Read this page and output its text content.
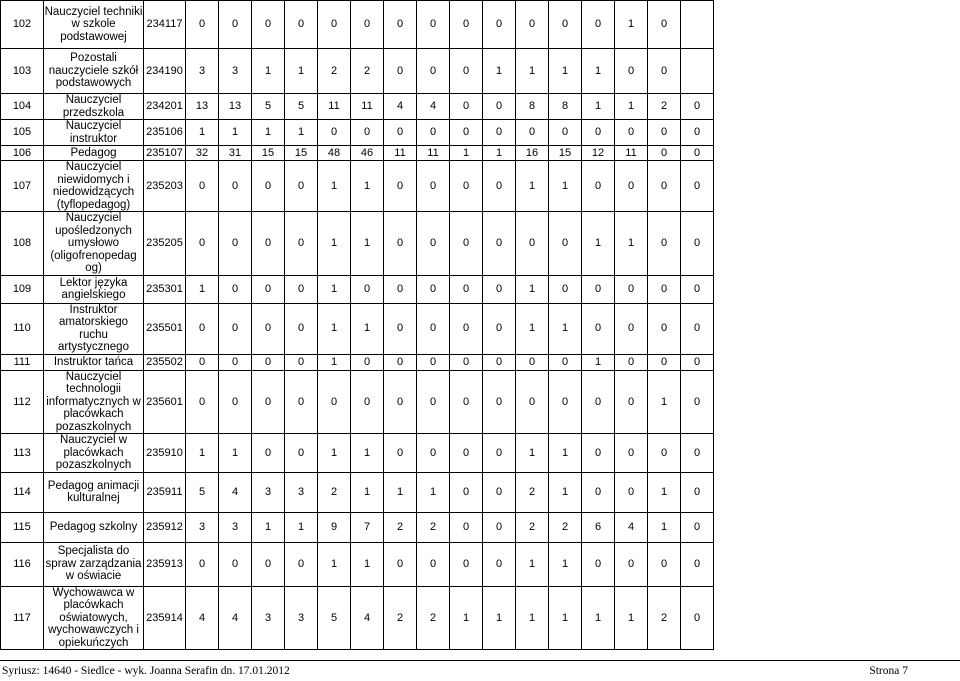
102	Nauczyciel techniki w szkole podstawowej	234117	0	0	0	0	0	0	0	0	0	0	0	0	0	1	0	
103	Pozostali nauczyciele szkół podstawowych	234190	3	3	1	1	2	2	0	0	0	1	1	1	1	0	0	
104	Nauczyciel przedszkola	234201	13	13	5	5	11	11	4	4	0	0	8	8	1	1	2	0
105	Nauczyciel instruktor	235106	1	1	1	1	0	0	0	0	0	0	0	0	0	0	0	0
106	Pedagog	235107	32	31	15	15	48	46	11	11	1	1	16	15	12	11	0	0
107	Nauczyciel niewidomych i niedowidzących (tyflopedagog)	235203	0	0	0	0	1	1	0	0	0	0	1	1	0	0	0	0
108	Nauczyciel upośledzonych umysłowo (oligofrenopedag og)	235205	0	0	0	0	1	1	0	0	0	0	0	0	1	1	0	0
109	Lektor języka angielskiego	235301	1	0	0	0	1	0	0	0	0	0	1	0	0	0	0	0
110	Instruktor amatorskiego ruchu artystycznego	235501	0	0	0	0	1	1	0	0	0	0	1	1	0	0	0	0
111	Instruktor tańca	235502	0	0	0	0	1	0	0	0	0	0	0	0	1	0	0	0
112	Nauczyciel technologii informatycznych w placówkach pozaszkolnych	235601	0	0	0	0	0	0	0	0	0	0	0	0	0	0	1	0
113	Nauczyciel w placówkach pozaszkolnych	235910	1	1	0	0	1	1	0	0	0	0	1	1	0	0	0	0
114	Pedagog animacji kulturalnej	235911	5	4	3	3	2	1	1	1	0	0	2	1	0	0	1	0
115	Pedagog szkolny	235912	3	3	1	1	9	7	2	2	0	0	2	2	6	4	1	0
116	Specjalista do spraw zarządzania w oświacie	235913	0	0	0	0	1	1	0	0	0	0	1	1	0	0	0	0
117	Wychowawca w placówkach oświatowych, wychowawczych i opiekuńczych	235914	4	4	3	3	5	4	2	2	1	1	1	1	1	1	2	0
Syriusz: 14640 - Siedlce - wyk. Joanna Serafin dn. 17.01.2012	Strona 7
